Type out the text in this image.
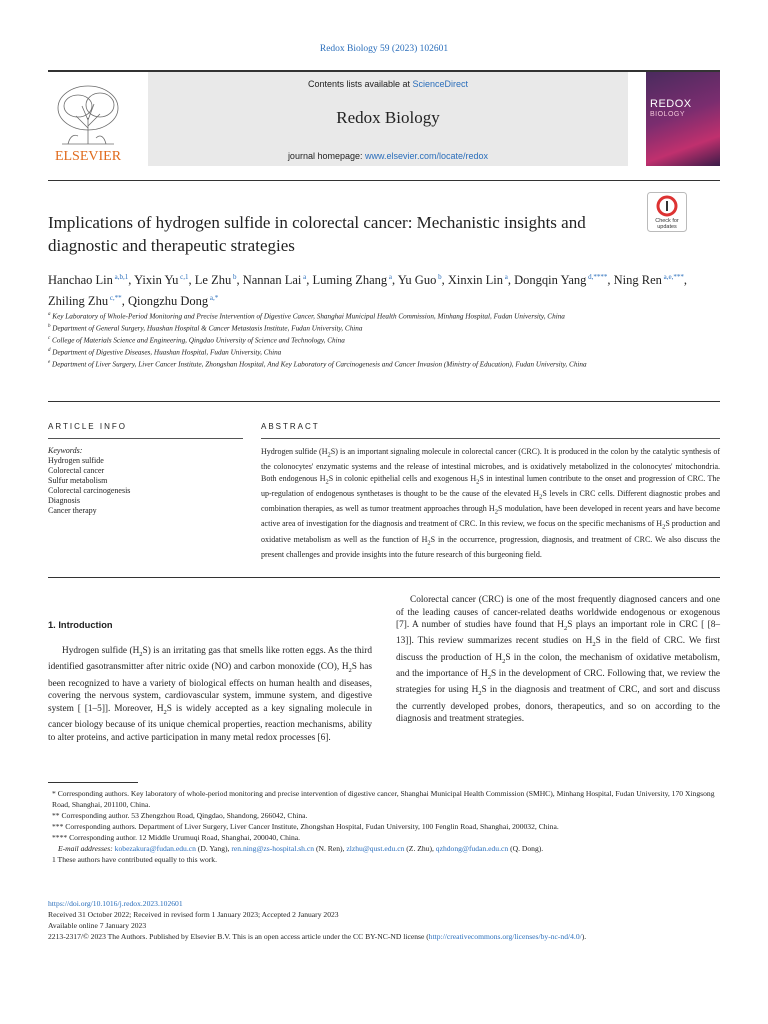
Redox Biology 59 (2023) 102601
ELSEVIER
Contents lists available at ScienceDirect
Redox Biology
journal homepage: www.elsevier.com/locate/redox
REDOX
BIOLOGY
Implications of hydrogen sulfide in colorectal cancer: Mechanistic insights and diagnostic and therapeutic strategies
Check for
updates
Hanchao Lin $^{a,b,1}$, Yixin Yu $^{c,1}$, Le Zhu $^b$, Nannan Lai $^a$, Luming Zhang $^a$, Yu Guo $^b$, Xinxin Lin $^a$, Dongqin Yang $^{d,****}$, Ning Ren $^{a,e,***}$, Zhiling Zhu $^{c,**}$, Qiongzhu Dong $^{a,*}$
$^a$ Key Laboratory of Whole-Period Monitoring and Precise Intervention of Digestive Cancer, Shanghai Municipal Health Commission, Minhang Hospital, Fudan University, China
$^b$ Department of General Surgery, Huashan Hospital & Cancer Metastasis Institute, Fudan University, China
$^c$ College of Materials Science and Engineering, Qingdao University of Science and Technology, China
$^d$ Department of Digestive Diseases, Huashan Hospital, Fudan University, China
$^e$ Department of Liver Surgery, Liver Cancer Institute, Zhongshan Hospital, And Key Laboratory of Carcinogenesis and Cancer Invasion (Ministry of Education), Fudan University, China
ARTICLE INFO	ABSTRACT
Keywords:
Hydrogen sulfide
Colorectal cancer
Sulfur metabolism
Colorectal carcinogenesis
Diagnosis
Cancer therapy
Hydrogen sulfide $(H_2S)$ is an important signaling molecule in colorectal cancer (CRC). It is produced in the colon by the catalytic synthesis of the colonocytes' enzymatic systems and the release of intestinal microbes, and is oxidatively metabolized in the colonocytes' mitochondria. Both endogenous $H_2S$ in colonic epithelial cells and exogenous $H_2S$ in intestinal lumen contribute to the onset and progression of CRC. The up-regulation of endogenous synthetases is thought to be the cause of the elevated $H_2S$ levels in CRC cells. Different diagnostic probes and combination therapies, as well as tumor treatment approaches through $H_2S$ modulation, have been developed in recent years and have become active area of investigation for the diagnosis and treatment of CRC. In this review, we focus on the specific mechanisms of $H_2S$ production and oxidative metabolism as well as the function of $H_2S$ in the occurrence, progression, diagnosis, and treatment of CRC. We also discuss the present challenges and provide insights into the future research of this burgeoning field.
1. Introduction
Hydrogen sulfide $(H_2S)$ is an irritating gas that smells like rotten eggs. As the third identified gasotransmitter after nitric oxide (NO) and carbon monoxide (CO), $H_2S$ has been recognized to have a variety of biological effects on human health and diseases, covering the nervous system, cardiovascular system, immune system, and digestive system [ [1–5]]. Moreover, $H_2S$ is widely accepted as a key signaling molecule in cancer biology because of its unique chemical properties, reaction mechanisms, ability to alter proteins, and active participation in many metal redox processes [6].
Colorectal cancer (CRC) is one of the most frequently diagnosed cancers and one of the leading causes of cancer-related deaths worldwide endogenous or exogenous [7]. A number of studies have found that $H_2S$ plays an important role in CRC [ [8–13]]. This review summarizes recent studies on $H_2S$ in the field of CRC. We first discuss the production of $H_2S$ in the colon, the mechanism of oxidative metabolism, and the importance of $H_2S$ in the development of CRC. Following that, we review the strategies for using $H_2S$ in the diagnosis and treatment of CRC, and sort and discuss the currently developed probes, donors, therapeutics, and so on according to the diagnosis and treatment strategies.
* Corresponding authors. Key laboratory of whole-period monitoring and precise intervention of digestive cancer, Shanghai Municipal Health Commission (SMHC), Minhang Hospital, Fudan University, 170 Xingsong Road, Shanghai, 201100, China.
** Corresponding author. 53 Zhengzhou Road, Qingdao, Shandong, 266042, China.
*** Corresponding authors. Department of Liver Surgery, Liver Cancer Institute, Zhongshan Hospital, Fudan University, 100 Fenglin Road, Shanghai, 200032, China.
**** Corresponding author. 12 Middle Urumuqi Road, Shanghai, 200040, China.
E-mail addresses: kobezakura@fudan.edu.cn (D. Yang), ren.ning@zs-hospital.sh.cn (N. Ren), zlzhu@qust.edu.cn (Z. Zhu), qzhdong@fudan.edu.cn (Q. Dong).
1 These authors have contributed equally to this work.
https://doi.org/10.1016/j.redox.2023.102601
Received 31 October 2022; Received in revised form 1 January 2023; Accepted 2 January 2023
Available online 7 January 2023
2213-2317/© 2023 The Authors. Published by Elsevier B.V. This is an open access article under the CC BY-NC-ND license (http://creativecommons.org/licenses/by-nc-nd/4.0/).
